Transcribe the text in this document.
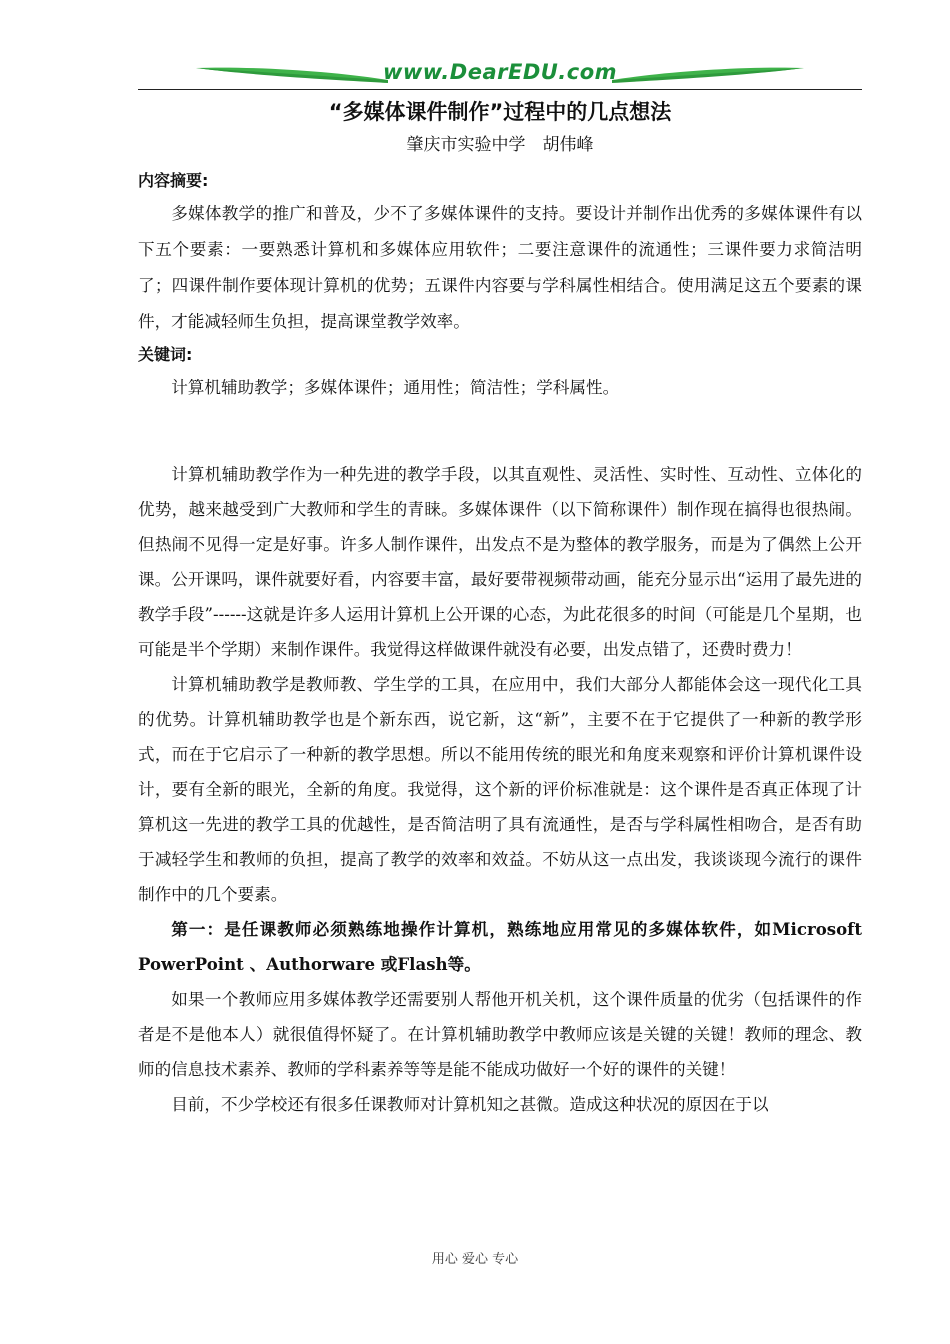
www.DearEDU.com
“多媒体课件制作”过程中的几点想法
肇庆市实验中学　胡伟峰
内容摘要:

多媒体教学的推广和普及，少不了多媒体课件的支持。要设计并制作出优秀的多媒体课件有以下五个要素：一要熟悉计算机和多媒体应用软件；二要注意课件的流通性；三课件要力求简洁明了；四课件制作要体现计算机的优势；五课件内容要与学科属性相结合。使用满足这五个要素的课件，才能减轻师生负担，提高课堂教学效率。

关键词:

计算机辅助教学；多媒体课件；通用性；简洁性；学科属性。

计算机辅助教学作为一种先进的教学手段，以其直观性、灵活性、实时性、互动性、立体化的优势，越来越受到广大教师和学生的青睐。多媒体课件（以下简称课件）制作现在搞得也很热闹。但热闹不见得一定是好事。许多人制作课件，出发点不是为整体的教学服务，而是为了偶然上公开课。公开课吗，课件就要好看，内容要丰富，最好要带视频带动画，能充分显示出“运用了最先进的教学手段”------这就是许多人运用计算机上公开课的心态，为此花很多的时间（可能是几个星期，也可能是半个学期）来制作课件。我觉得这样做课件就没有必要，出发点错了，还费时费力！

计算机辅助教学是教师教、学生学的工具，在应用中，我们大部分人都能体会这一现代化工具的优势。计算机辅助教学也是个新东西，说它新，这“新”，主要不在于它提供了一种新的教学形式，而在于它启示了一种新的教学思想。所以不能用传统的眼光和角度来观察和评价计算机课件设计，要有全新的眼光，全新的角度。我觉得，这个新的评价标准就是：这个课件是否真正体现了计算机这一先进的教学工具的优越性，是否简洁明了具有流通性，是否与学科属性相吻合，是否有助于减轻学生和教师的负担，提高了教学的效率和效益。不妨从这一点出发，我谈谈现今流行的课件制作中的几个要素。

第一：是任课教师必须熟练地操作计算机，熟练地应用常见的多媒体软件，如Microsoft PowerPoint 、Authorware 或Flash等。

如果一个教师应用多媒体教学还需要别人帮他开机关机，这个课件质量的优劣（包括课件的作者是不是他本人）就很值得怀疑了。在计算机辅助教学中教师应该是关键的关键！教师的理念、教师的信息技术素养、教师的学科素养等等是能不能成功做好一个好的课件的关键！

目前，不少学校还有很多任课教师对计算机知之甚微。造成这种状况的原因在于以

用心 爱心 专心
